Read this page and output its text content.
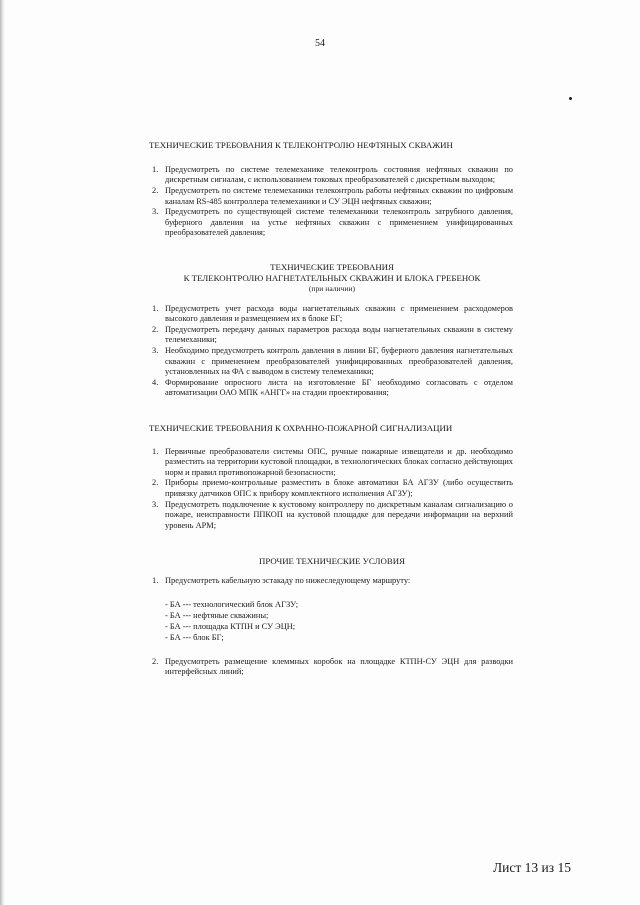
54
ТЕХНИЧЕСКИЕ ТРЕБОВАНИЯ К ТЕЛЕКОНТРОЛЮ НЕФТЯНЫХ СКВАЖИН
1. Предусмотреть по системе телемеханике телеконтроль состояния нефтяных скважин по дискретным сигналам, с использованием токовых преобразователей с дискретным выходом;
2. Предусмотреть по системе телемеханики телеконтроль работы нефтяных скважин по цифровым каналам RS-485 контроллера телемеханики и СУ ЭЦН нефтяных скважин;
3. Предусмотреть по существующей системе телемеханики телеконтроль затрубного давления, буферного давления на устье нефтяных скважин с применением унифицированных преобразователей давления;
ТЕХНИЧЕСКИЕ ТРЕБОВАНИЯ
К ТЕЛЕКОНТРОЛЮ НАГНЕТАТЕЛЬНЫХ СКВАЖИН И БЛОКА ГРЕБЕНОК
(при наличии)
1. Предусмотреть учет расхода воды нагнетательных скважин с применением расходомеров высокого давления и размещением их в блоке БГ;
2. Предусмотреть передачу данных параметров расхода воды нагнетательных скважин в систему телемеханики;
3. Необходимо предусмотреть контроль давления в линии БГ, буферного давления нагнетательных скважин с применением преобразователей унифицированных преобразователей давления, установленных на ФА с выводом в систему телемеханики;
4. Формирование опросного листа на изготовление БГ необходимо согласовать с отделом автоматизации ОАО МПК «АНГГ» на стадии проектирования;
ТЕХНИЧЕСКИЕ ТРЕБОВАНИЯ К ОХРАННО-ПОЖАРНОЙ СИГНАЛИЗАЦИИ
1. Первичные преобразователи системы ОПС, ручные пожарные извещатели и др. необходимо разместить на территории кустовой площадки, в технологических блоках согласно действующих норм и правил противопожарной безопасности;
2. Приборы приемо-контрольные разместить в блоке автоматики БА АГЗУ (либо осуществить привязку датчиков ОПС к прибору комплектного исполнения АГЗУ);
3. Предусмотреть подключение к кустовому контроллеру по дискретным каналам сигнализацию о пожаре, неисправности ППКОП на кустовой площадке для передачи информации на верхний уровень АРМ;
ПРОЧИЕ ТЕХНИЧЕСКИЕ УСЛОВИЯ
1. Предусмотреть кабельную эстакаду по нижеследующему маршруту:
- БА --- технологический блок АГЗУ;
- БА --- нефтяные скважины;
- БА --- площадка КТПН и СУ ЭЦН;
- БА --- блок БГ;
2. Предусмотреть размещение клеммных коробок на площадке КТПН-СУ ЭЦН для разводки интерфейсных линий;
Лист 13 из 15
